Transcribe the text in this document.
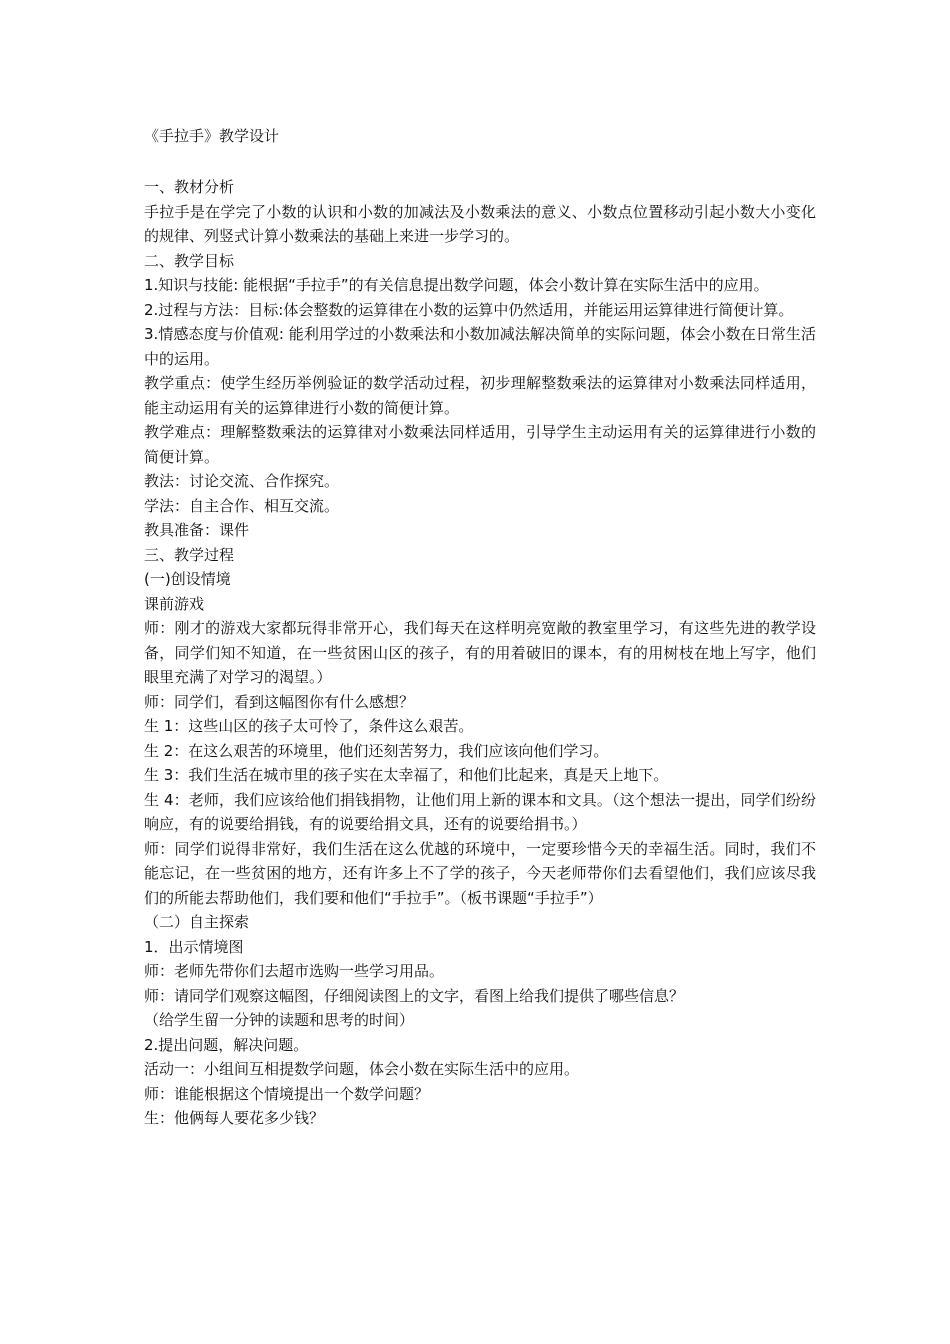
《手拉手》教学设计
一、教材分析
手拉手是在学完了小数的认识和小数的加减法及小数乘法的意义、小数点位置移动引起小数大小变化的规律、列竖式计算小数乘法的基础上来进一步学习的。
二、教学目标
1.知识与技能: 能根据“手拉手”的有关信息提出数学问题，体会小数计算在实际生活中的应用。
2.过程与方法：目标:体会整数的运算律在小数的运算中仍然适用，并能运用运算律进行简便计算。
3.情感态度与价值观: 能利用学过的小数乘法和小数加减法解决简单的实际问题，体会小数在日常生活中的运用。
教学重点：使学生经历举例验证的数学活动过程，初步理解整数乘法的运算律对小数乘法同样适用，能主动运用有关的运算律进行小数的简便计算。
教学难点：理解整数乘法的运算律对小数乘法同样适用，引导学生主动运用有关的运算律进行小数的简便计算。
教法：讨论交流、合作探究。
学法：自主合作、相互交流。
教具准备：课件
三、教学过程
(一)创设情境
课前游戏
师：刚才的游戏大家都玩得非常开心，我们每天在这样明亮宽敞的教室里学习，有这些先进的教学设备，同学们知不知道，在一些贫困山区的孩子，有的用着破旧的课本，有的用树枝在地上写字，他们眼里充满了对学习的渴望。）
师：同学们，看到这幅图你有什么感想？
生 1：这些山区的孩子太可怜了，条件这么艰苦。
生 2：在这么艰苦的环境里，他们还刻苦努力，我们应该向他们学习。
生 3：我们生活在城市里的孩子实在太幸福了，和他们比起来，真是天上地下。
生 4：老师，我们应该给他们捐钱捐物，让他们用上新的课本和文具。（这个想法一提出，同学们纷纷响应，有的说要给捐钱，有的说要给捐文具，还有的说要给捐书。）
师：同学们说得非常好，我们生活在这么优越的环境中，一定要珍惜今天的幸福生活。同时，我们不能忘记，在一些贫困的地方，还有许多上不了学的孩子，今天老师带你们去看望他们，我们应该尽我们的所能去帮助他们，我们要和他们“手拉手”。（板书课题“手拉手”）
（二）自主探索
1．出示情境图
师：老师先带你们去超市选购一些学习用品。
师：请同学们观察这幅图，仔细阅读图上的文字，看图上给我们提供了哪些信息？
（给学生留一分钟的读题和思考的时间）
2.提出问题，解决问题。
活动一：小组间互相提数学问题，体会小数在实际生活中的应用。
师：谁能根据这个情境提出一个数学问题？
生：他俩每人要花多少钱？
